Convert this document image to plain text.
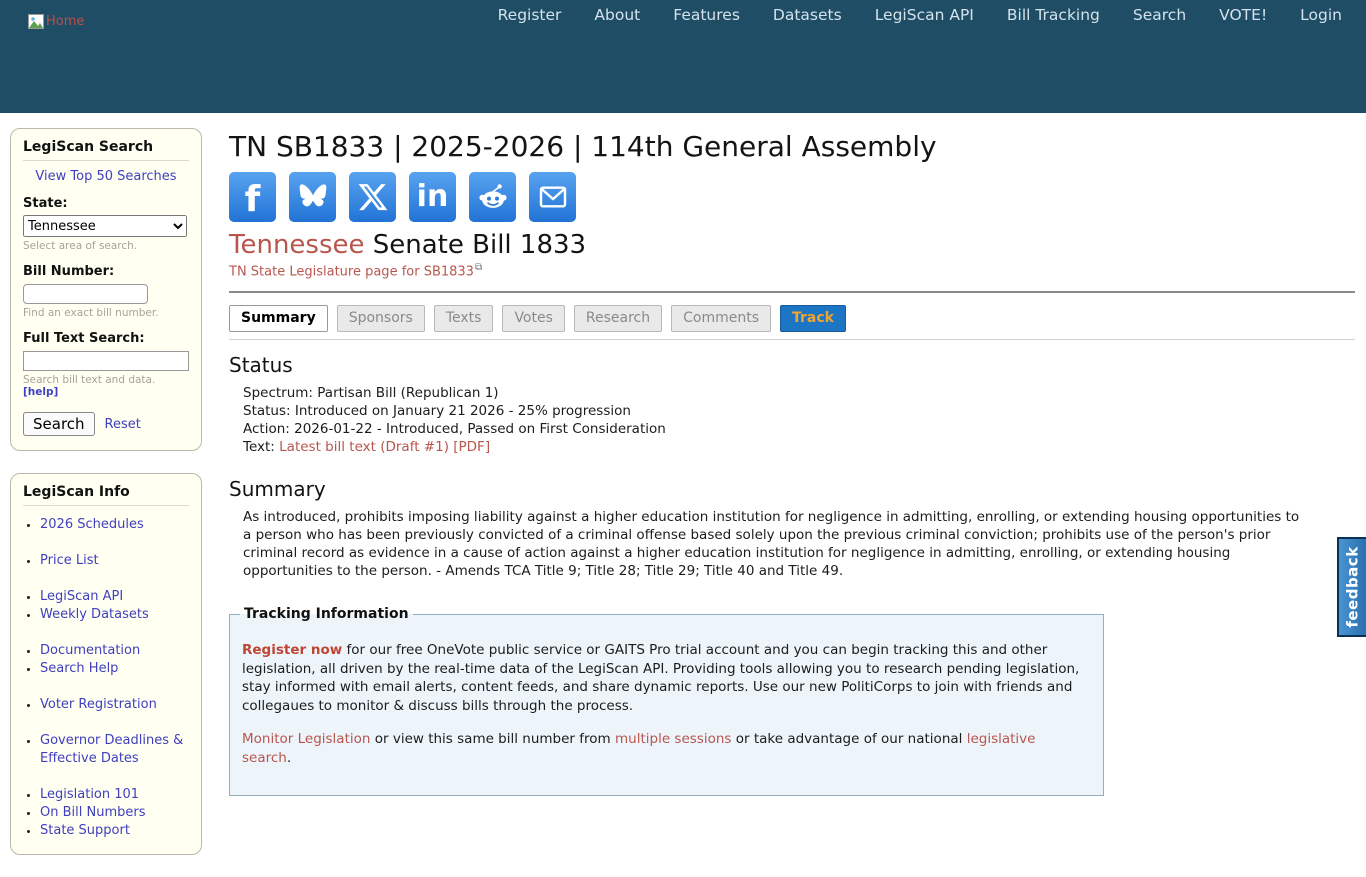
Home	Register About Features Datasets LegiScan API Bill Tracking Search VOTE! Login
LegiScan Search
View Top 50 Searches
State:
Tennessee
Select area of search.
Bill Number:
Find an exact bill number.
Full Text Search:
Search bill text and data. [help]
Search	Reset
LegiScan Info
• 2026 Schedules
• Price List
• LegiScan API
• Weekly Datasets
• Documentation
• Search Help
• Voter Registration
• Governor Deadlines & Effective Dates
• Legislation 101
• On Bill Numbers
• State Support
TN SB1833 | 2025-2026 | 114th General Assembly
f	in
Tennessee Senate Bill 1833
TN State Legislature page for SB1833⧉
Summary	Sponsors	Texts	Votes	Research	Comments	Track
Status
Spectrum: Partisan Bill (Republican 1)
Status: Introduced on January 21 2026 - 25% progression
Action: 2026-01-22 - Introduced, Passed on First Consideration
Text: Latest bill text (Draft #1) [PDF]
Summary

As introduced, prohibits imposing liability against a higher education institution for negligence in admitting, enrolling, or extending housing opportunities to a person who has been previously convicted of a criminal offense based solely upon the previous criminal conviction; prohibits use of the person's prior criminal record as evidence in a cause of action against a higher education institution for negligence in admitting, enrolling, or extending housing opportunities to the person. - Amends TCA Title 9; Title 28; Title 29; Title 40 and Title 49.

Tracking Information

Register now for our free OneVote public service or GAITS Pro trial account and you can begin tracking this and other legislation, all driven by the real-time data of the LegiScan API. Providing tools allowing you to research pending legislation, stay informed with email alerts, content feeds, and share dynamic reports. Use our new PolitiCorps to join with friends and collegaues to monitor & discuss bills through the process.

Monitor Legislation or view this same bill number from multiple sessions or take advantage of our national legislative search.

feedback
